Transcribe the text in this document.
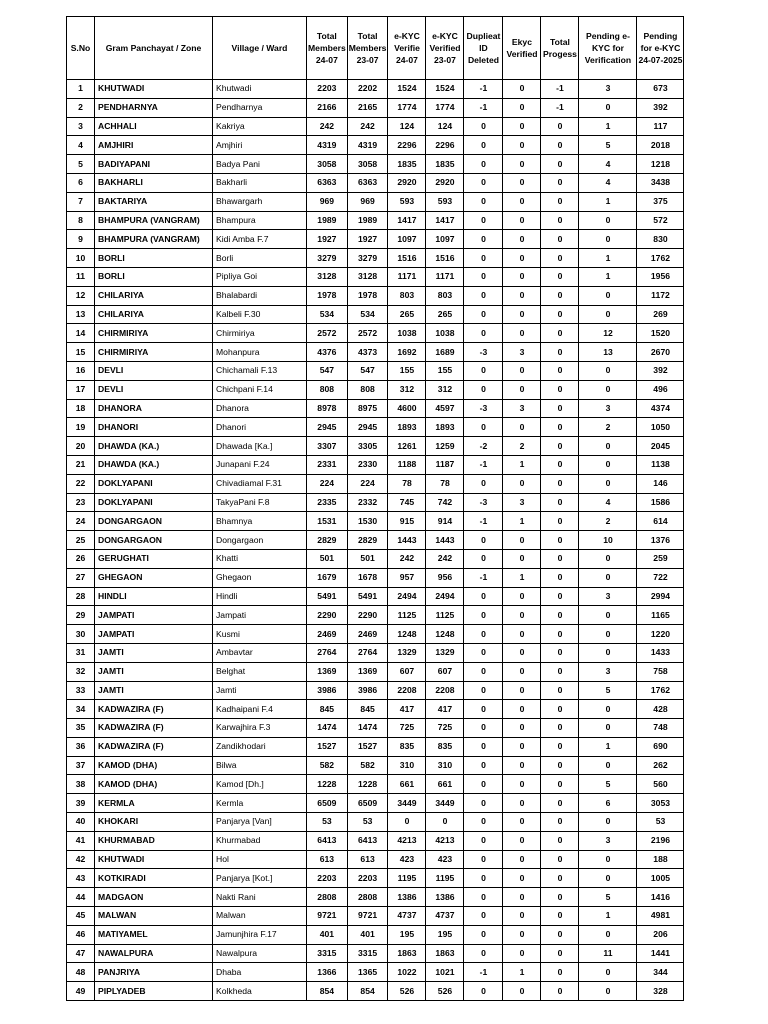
S.No	Gram Panchayat / Zone	Village / Ward	Total Members 24-07	Total Members 23-07	e-KYC Verifie 24-07	e-KYC Verified 23-07	Duplieat ID Deleted	Ekyc Verified	Total Progess	Pending e-KYC for Verification	Pending for e-KYC 24-07-2025
1	KHUTWADI	Khutwadi	2203	2202	1524	1524	-1	0	-1	3	673
2	PENDHARNYA	Pendharnya	2166	2165	1774	1774	-1	0	-1	0	392
3	ACHHALI	Kakriya	242	242	124	124	0	0	0	1	117
4	AMJHIRI	Amjhiri	4319	4319	2296	2296	0	0	0	5	2018
5	BADIYAPANI	Badya Pani	3058	3058	1835	1835	0	0	0	4	1218
6	BAKHARLI	Bakharli	6363	6363	2920	2920	0	0	0	4	3438
7	BAKTARIYA	Bhawargarh	969	969	593	593	0	0	0	1	375
8	BHAMPURA (VANGRAM)	Bhampura	1989	1989	1417	1417	0	0	0	0	572
9	BHAMPURA (VANGRAM)	Kidi Amba F.7	1927	1927	1097	1097	0	0	0	0	830
10	BORLI	Borli	3279	3279	1516	1516	0	0	0	1	1762
11	BORLI	Pipliya Goi	3128	3128	1171	1171	0	0	0	1	1956
12	CHILARIYA	Bhalabardi	1978	1978	803	803	0	0	0	0	1172
13	CHILARIYA	Kalbeli F.30	534	534	265	265	0	0	0	0	269
14	CHIRMIRIYA	Chirmiriya	2572	2572	1038	1038	0	0	0	12	1520
15	CHIRMIRIYA	Mohanpura	4376	4373	1692	1689	-3	3	0	13	2670
16	DEVLI	Chichamali F.13	547	547	155	155	0	0	0	0	392
17	DEVLI	Chichpani F.14	808	808	312	312	0	0	0	0	496
18	DHANORA	Dhanora	8978	8975	4600	4597	-3	3	0	3	4374
19	DHANORI	Dhanori	2945	2945	1893	1893	0	0	0	2	1050
20	DHAWDA (KA.)	Dhawada [Ka.]	3307	3305	1261	1259	-2	2	0	0	2045
21	DHAWDA (KA.)	Junapani F.24	2331	2330	1188	1187	-1	1	0	0	1138
22	DOKLYAPANI	Chivadiamal F.31	224	224	78	78	0	0	0	0	146
23	DOKLYAPANI	TakyaPani F.8	2335	2332	745	742	-3	3	0	4	1586
24	DONGARGAON	Bhamnya	1531	1530	915	914	-1	1	0	2	614
25	DONGARGAON	Dongargaon	2829	2829	1443	1443	0	0	0	10	1376
26	GERUGHATI	Khatti	501	501	242	242	0	0	0	0	259
27	GHEGAON	Ghegaon	1679	1678	957	956	-1	1	0	0	722
28	HINDLI	Hindli	5491	5491	2494	2494	0	0	0	3	2994
29	JAMPATI	Jampati	2290	2290	1125	1125	0	0	0	0	1165
30	JAMPATI	Kusmi	2469	2469	1248	1248	0	0	0	0	1220
31	JAMTI	Ambavtar	2764	2764	1329	1329	0	0	0	0	1433
32	JAMTI	Belghat	1369	1369	607	607	0	0	0	3	758
33	JAMTI	Jamti	3986	3986	2208	2208	0	0	0	5	1762
34	KADWAZIRA (F)	Kadhaipani F.4	845	845	417	417	0	0	0	0	428
35	KADWAZIRA (F)	Karwajhira F.3	1474	1474	725	725	0	0	0	0	748
36	KADWAZIRA (F)	Zandikhodari	1527	1527	835	835	0	0	0	1	690
37	KAMOD (DHA)	Bilwa	582	582	310	310	0	0	0	0	262
38	KAMOD (DHA)	Kamod [Dh.]	1228	1228	661	661	0	0	0	5	560
39	KERMLA	Kermla	6509	6509	3449	3449	0	0	0	6	3053
40	KHOKARI	Panjarya [Van]	53	53	0	0	0	0	0	0	53
41	KHURMABAD	Khurmabad	6413	6413	4213	4213	0	0	0	3	2196
42	KHUTWADI	Hol	613	613	423	423	0	0	0	0	188
43	KOTKIRADI	Panjarya [Kot.]	2203	2203	1195	1195	0	0	0	0	1005
44	MADGAON	Nakti Rani	2808	2808	1386	1386	0	0	0	5	1416
45	MALWAN	Malwan	9721	9721	4737	4737	0	0	0	1	4981
46	MATIYAMEL	Jamunjhira F.17	401	401	195	195	0	0	0	0	206
47	NAWALPURA	Nawalpura	3315	3315	1863	1863	0	0	0	11	1441
48	PANJRIYA	Dhaba	1366	1365	1022	1021	-1	1	0	0	344
49	PIPLYADEB	Kolkheda	854	854	526	526	0	0	0	0	328
